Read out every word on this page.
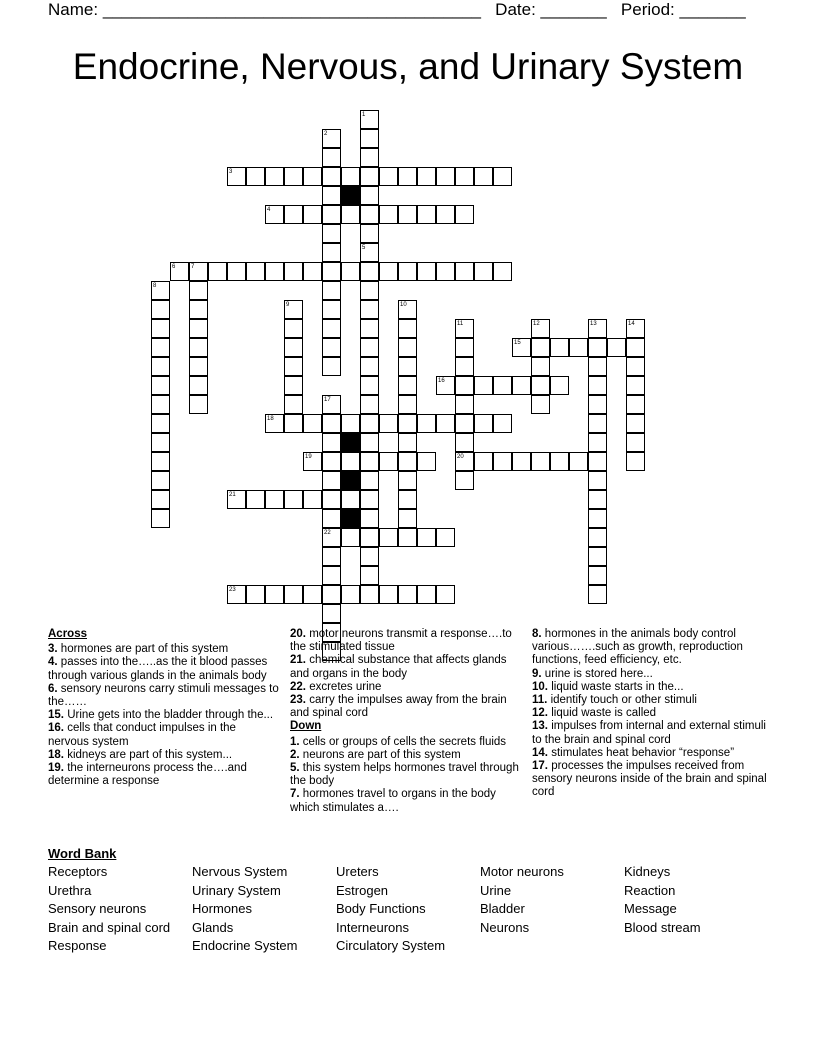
Name: ________________________________________ Date: _______ Period: _______
Endocrine, Nervous, and Urinary System
1
5
2
3
4
6	7
8
9	10
11
20
12	13	14
15
16
17
22
18
19
21
23
Across
3. hormones are part of this system
4. passes into the…..as the it blood passes through various glands in the animals body
6. sensory neurons carry stimuli messages to the……
15. Urine gets into the bladder through the...
16. cells that conduct impulses in the nervous system
18. kidneys are part of this system...
19. the interneurons process the….and determine a response
20. motor neurons transmit a response….to the stimulated tissue
21. chemical substance that affects glands and organs in the body
22. excretes urine
23. carry the impulses away from the brain and spinal cord
Down
1. cells or groups of cells the secrets fluids
2. neurons are part of this system
5. this system helps hormones travel through the body
7. hormones travel to organs in the body which stimulates a….
8. hormones in the animals body control various…….such as growth, reproduction functions, feed efficiency, etc.
9. urine is stored here...
10. liquid waste starts in the...
11. identify touch or other stimuli
12. liquid waste is called
13. impulses from internal and external stimuli to the brain and spinal cord
14. stimulates heat behavior “response”
17. processes the impulses received from sensory neurons inside of the brain and spinal cord
Word Bank
Receptors	Nervous System	Ureters	Motor neurons	Kidneys
Urethra	Urinary System	Estrogen	Urine	Reaction
Sensory neurons	Hormones	Body Functions	Bladder	Message
Brain and spinal cord	Glands	Interneurons	Neurons	Blood stream
Response	Endocrine System	Circulatory System
